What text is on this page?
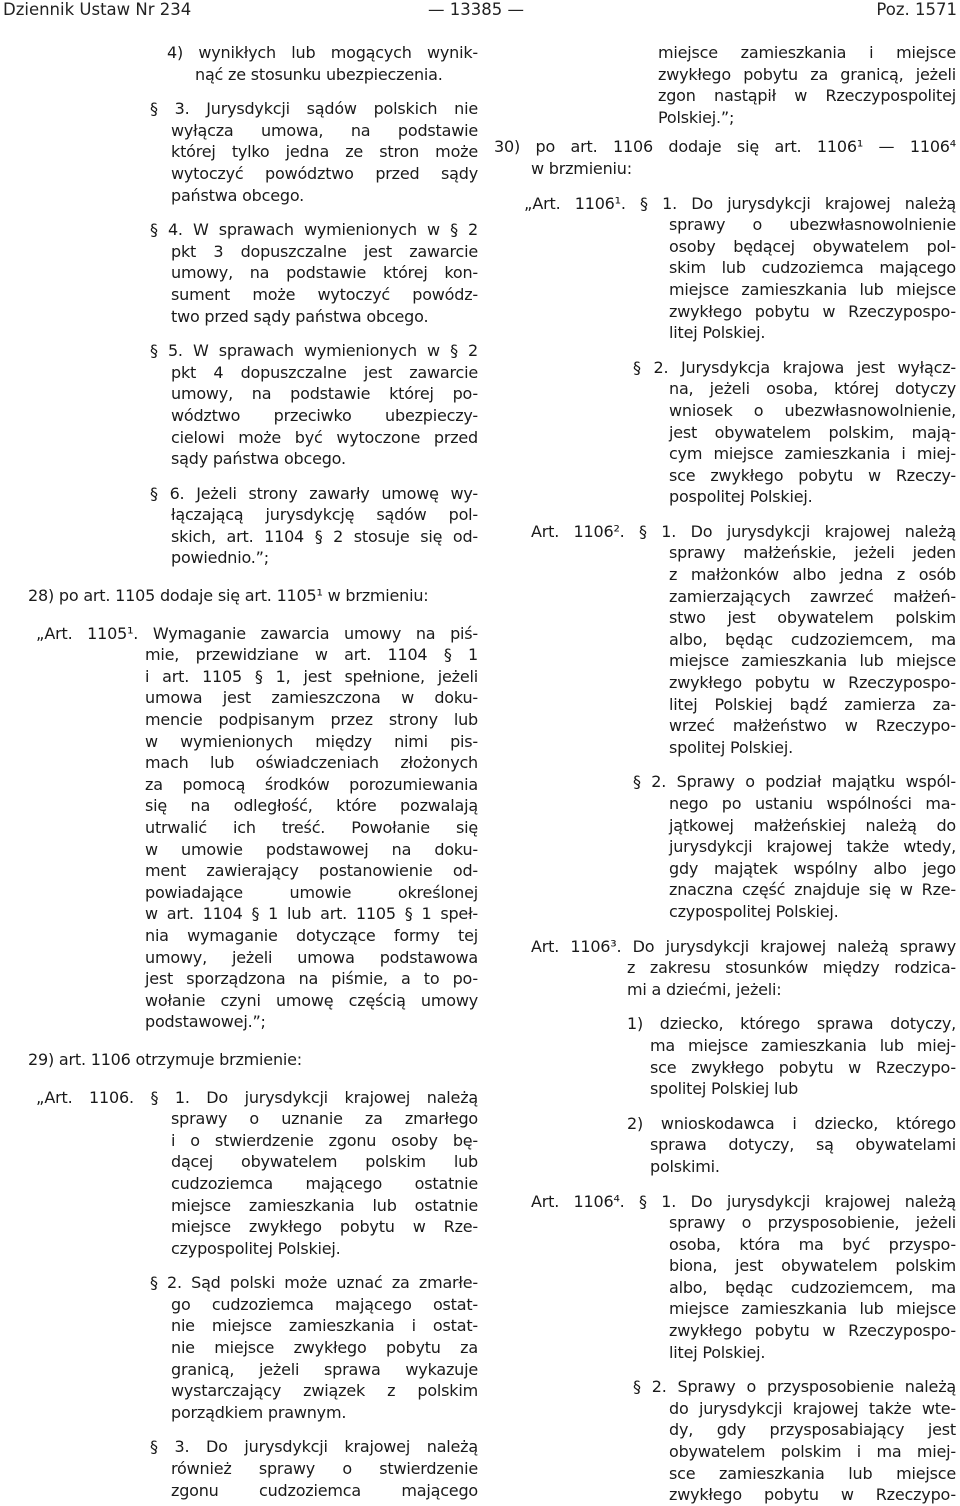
Dziennik Ustaw Nr 234	— 13385 —	Poz. 1571
4) wynikłych lub mogących wynik-
nąć ze stosunku ubezpieczenia.
§ 3. Jurysdykcji sądów polskich nie
wyłącza umowa, na podstawie
której tylko jedna ze stron może
wytoczyć powództwo przed sądy
państwa obcego.
§ 4. W sprawach wymienionych w § 2
pkt 3 dopuszczalne jest zawarcie
umowy, na podstawie której kon-
sument może wytoczyć powódz-
two przed sądy państwa obcego.
§ 5. W sprawach wymienionych w § 2
pkt 4 dopuszczalne jest zawarcie
umowy, na podstawie której po-
wództwo przeciwko ubezpieczy-
cielowi może być wytoczone przed
sądy państwa obcego.
§ 6. Jeżeli strony zawarły umowę wy-
łączającą jurysdykcję sądów pol-
skich, art. 1104 § 2 stosuje się od-
powiednio.”;
28) po art. 1105 dodaje się art. 1105¹ w brzmieniu:
„Art. 1105¹. Wymaganie zawarcia umowy na piś-
mie, przewidziane w art. 1104 § 1
i art. 1105 § 1, jest spełnione, jeżeli
umowa jest zamieszczona w doku-
mencie podpisanym przez strony lub
w wymienionych między nimi pis-
mach lub oświadczeniach złożonych
za pomocą środków porozumiewania
się na odległość, które pozwalają
utrwalić ich treść. Powołanie się
w umowie podstawowej na doku-
ment zawierający postanowienie od-
powiadające umowie określonej
w art. 1104 § 1 lub art. 1105 § 1 speł-
nia wymaganie dotyczące formy tej
umowy, jeżeli umowa podstawowa
jest sporządzona na piśmie, a to po-
wołanie czyni umowę częścią umowy
podstawowej.”;
29) art. 1106 otrzymuje brzmienie:
„Art. 1106. § 1. Do jurysdykcji krajowej należą
sprawy o uznanie za zmarłego
i o stwierdzenie zgonu osoby bę-
dącej obywatelem polskim lub
cudzoziemca mającego ostatnie
miejsce zamieszkania lub ostatnie
miejsce zwykłego pobytu w Rze-
czypospolitej Polskiej.
§ 2. Sąd polski może uznać za zmarłe-
go cudzoziemca mającego ostat-
nie miejsce zamieszkania i ostat-
nie miejsce zwykłego pobytu za
granicą, jeżeli sprawa wykazuje
wystarczający związek z polskim
porządkiem prawnym.
§ 3. Do jurysdykcji krajowej należą
również sprawy o stwierdzenie
zgonu cudzoziemca mającego
miejsce zamieszkania i miejsce
zwykłego pobytu za granicą, jeżeli
zgon nastąpił w Rzeczypospolitej
Polskiej.”;
30) po art. 1106 dodaje się art. 1106¹ — 1106⁴
w brzmieniu:
„Art. 1106¹. § 1. Do jurysdykcji krajowej należą
sprawy o ubezwłasnowolnienie
osoby będącej obywatelem pol-
skim lub cudzoziemca mającego
miejsce zamieszkania lub miejsce
zwykłego pobytu w Rzeczypospo-
litej Polskiej.
§ 2. Jurysdykcja krajowa jest wyłącz-
na, jeżeli osoba, której dotyczy
wniosek o ubezwłasnowolnienie,
jest obywatelem polskim, mają-
cym miejsce zamieszkania i miej-
sce zwykłego pobytu w Rzeczy-
pospolitej Polskiej.
Art. 1106². § 1. Do jurysdykcji krajowej należą
sprawy małżeńskie, jeżeli jeden
z małżonków albo jedna z osób
zamierzających zawrzeć małżeń-
stwo jest obywatelem polskim
albo, będąc cudzoziemcem, ma
miejsce zamieszkania lub miejsce
zwykłego pobytu w Rzeczypospo-
litej Polskiej bądź zamierza za-
wrzeć małżeństwo w Rzeczypo-
spolitej Polskiej.
§ 2. Sprawy o podział majątku wspól-
nego po ustaniu wspólności ma-
jątkowej małżeńskiej należą do
jurysdykcji krajowej także wtedy,
gdy majątek wspólny albo jego
znaczna część znajduje się w Rze-
czypospolitej Polskiej.
Art. 1106³. Do jurysdykcji krajowej należą sprawy
z zakresu stosunków między rodzica-
mi a dziećmi, jeżeli:
1) dziecko, którego sprawa dotyczy,
ma miejsce zamieszkania lub miej-
sce zwykłego pobytu w Rzeczypo-
spolitej Polskiej lub
2) wnioskodawca i dziecko, którego
sprawa dotyczy, są obywatelami
polskimi.
Art. 1106⁴. § 1. Do jurysdykcji krajowej należą
sprawy o przysposobienie, jeżeli
osoba, która ma być przyspo-
biona, jest obywatelem polskim
albo, będąc cudzoziemcem, ma
miejsce zamieszkania lub miejsce
zwykłego pobytu w Rzeczypospo-
litej Polskiej.
§ 2. Sprawy o przysposobienie należą
do jurysdykcji krajowej także wte-
dy, gdy przysposabiający jest
obywatelem polskim i ma miej-
sce zamieszkania lub miejsce
zwykłego pobytu w Rzeczypo-
